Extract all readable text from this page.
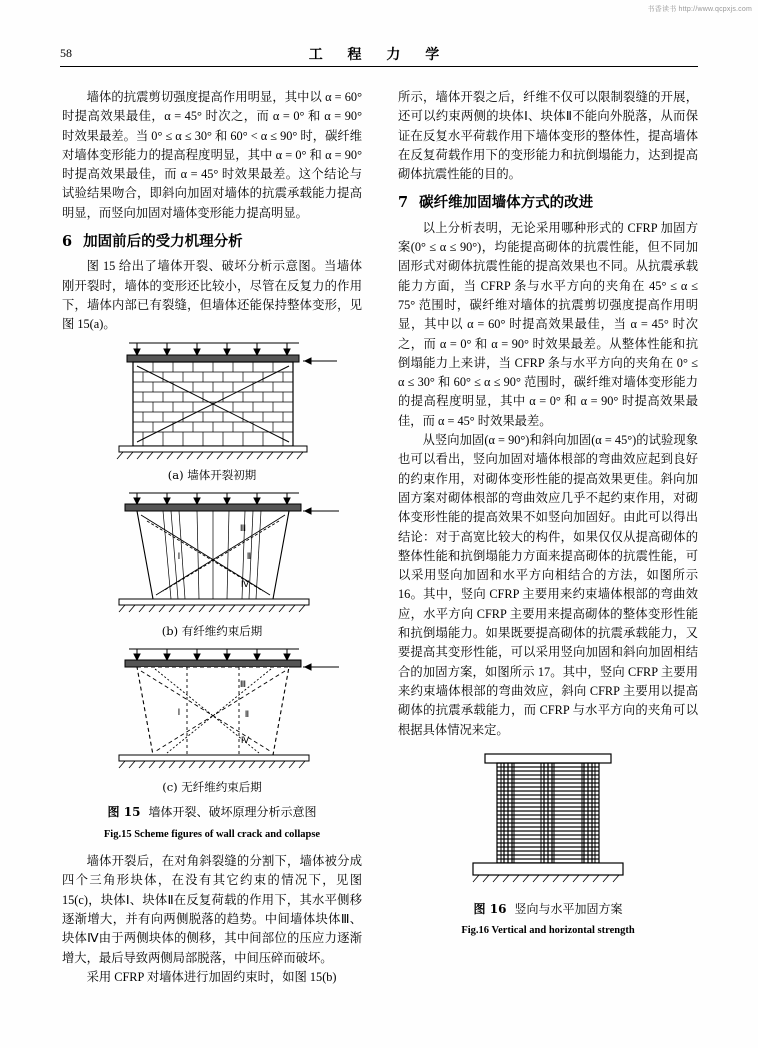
书香读书 http://www.qcpxjs.com
58	工 程 力 学

墙体的抗震剪切强度提高作用明显，其中以 α = 60° 时提高效果最佳，α = 45° 时次之，而 α = 0° 和 α = 90° 时效果最差。当 0° ≤ α ≤ 30° 和 60° < α ≤ 90° 时，碳纤维对墙体变形能力的提高程度明显，其中 α = 0° 和 α = 90° 时提高效果最佳，而 α = 45° 时效果最差。这个结论与试验结果吻合，即斜向加固对墙体的抗震承载能力提高明显，而竖向加固对墙体变形能力提高明显。

6 加固前后的受力机理分析

图 15 给出了墙体开裂、破坏分析示意图。当墙体刚开裂时，墙体的变形还比较小，尽管在反复力的作用下，墙体内部已有裂缝，但墙体还能保持整体变形，见图 15(a)。

(a) 墙体开裂初期
Ⅲ
Ⅰ	Ⅱ
Ⅳ
(b) 有纤维约束后期
Ⅲ
Ⅰ	Ⅱ
Ⅳ
(c) 无纤维约束后期
图 15 墙体开裂、破坏原理分析示意图
Fig.15 Scheme figures of wall crack and collapse

墙体开裂后，在对角斜裂缝的分割下，墙体被分成四个三角形块体，在没有其它约束的情况下，见图 15(c)，块体Ⅰ、块体Ⅱ在反复荷载的作用下，其水平侧移逐渐增大，并有向两侧脱落的趋势。中间墙体块体Ⅲ、块体Ⅳ由于两侧块体的侧移，其中间部位的压应力逐渐增大，最后导致两侧局部脱落，中间压碎而破坏。

采用 CFRP 对墙体进行加固约束时，如图 15(b)

所示，墙体开裂之后，纤维不仅可以限制裂缝的开展，还可以约束两侧的块体Ⅰ、块体Ⅱ不能向外脱落，从而保证在反复水平荷载作用下墙体变形的整体性，提高墙体在反复荷载作用下的变形能力和抗倒塌能力，达到提高砌体抗震性能的目的。

7 碳纤维加固墙体方式的改进

以上分析表明，无论采用哪种形式的 CFRP 加固方案(0° ≤ α ≤ 90°)，均能提高砌体的抗震性能，但不同加固形式对砌体抗震性能的提高效果也不同。从抗震承载能力方面，当 CFRP 条与水平方向的夹角在 45° ≤ α ≤ 75° 范围时，碳纤维对墙体的抗震剪切强度提高作用明显，其中以 α = 60° 时提高效果最佳，当 α = 45° 时次之，而 α = 0° 和 α = 90° 时效果最差。从整体性能和抗倒塌能力上来讲，当 CFRP 条与水平方向的夹角在 0° ≤ α ≤ 30° 和 60° ≤ α ≤ 90° 范围时，碳纤维对墙体变形能力的提高程度明显，其中 α = 0° 和 α = 90° 时提高效果最佳，而 α = 45° 时效果最差。

从竖向加固(α = 90°)和斜向加固(α = 45°)的试验现象也可以看出，竖向加固对墙体根部的弯曲效应起到良好的约束作用，对砌体变形性能的提高效果更佳。斜向加固方案对砌体根部的弯曲效应几乎不起约束作用，对砌体变形性能的提高效果不如竖向加固好。由此可以得出结论：对于高宽比较大的构件，如果仅仅从提高砌体的整体性能和抗倒塌能力方面来提高砌体的抗震性能，可以采用竖向加固和水平方向相结合的方法，如图所示 16。其中，竖向 CFRP 主要用来约束墙体根部的弯曲效应，水平方向 CFRP 主要用来提高砌体的整体变形性能和抗倒塌能力。如果既要提高砌体的抗震承载能力，又要提高其变形性能，可以采用竖向加固和斜向加固相结合的加固方案，如图所示 17。其中，竖向 CFRP 主要用来约束墙体根部的弯曲效应，斜向 CFRP 主要用以提高砌体的抗震承载能力，而 CFRP 与水平方向的夹角可以根据具体情况来定。

图 16 竖向与水平加固方案
Fig.16 Vertical and horizontal strength
